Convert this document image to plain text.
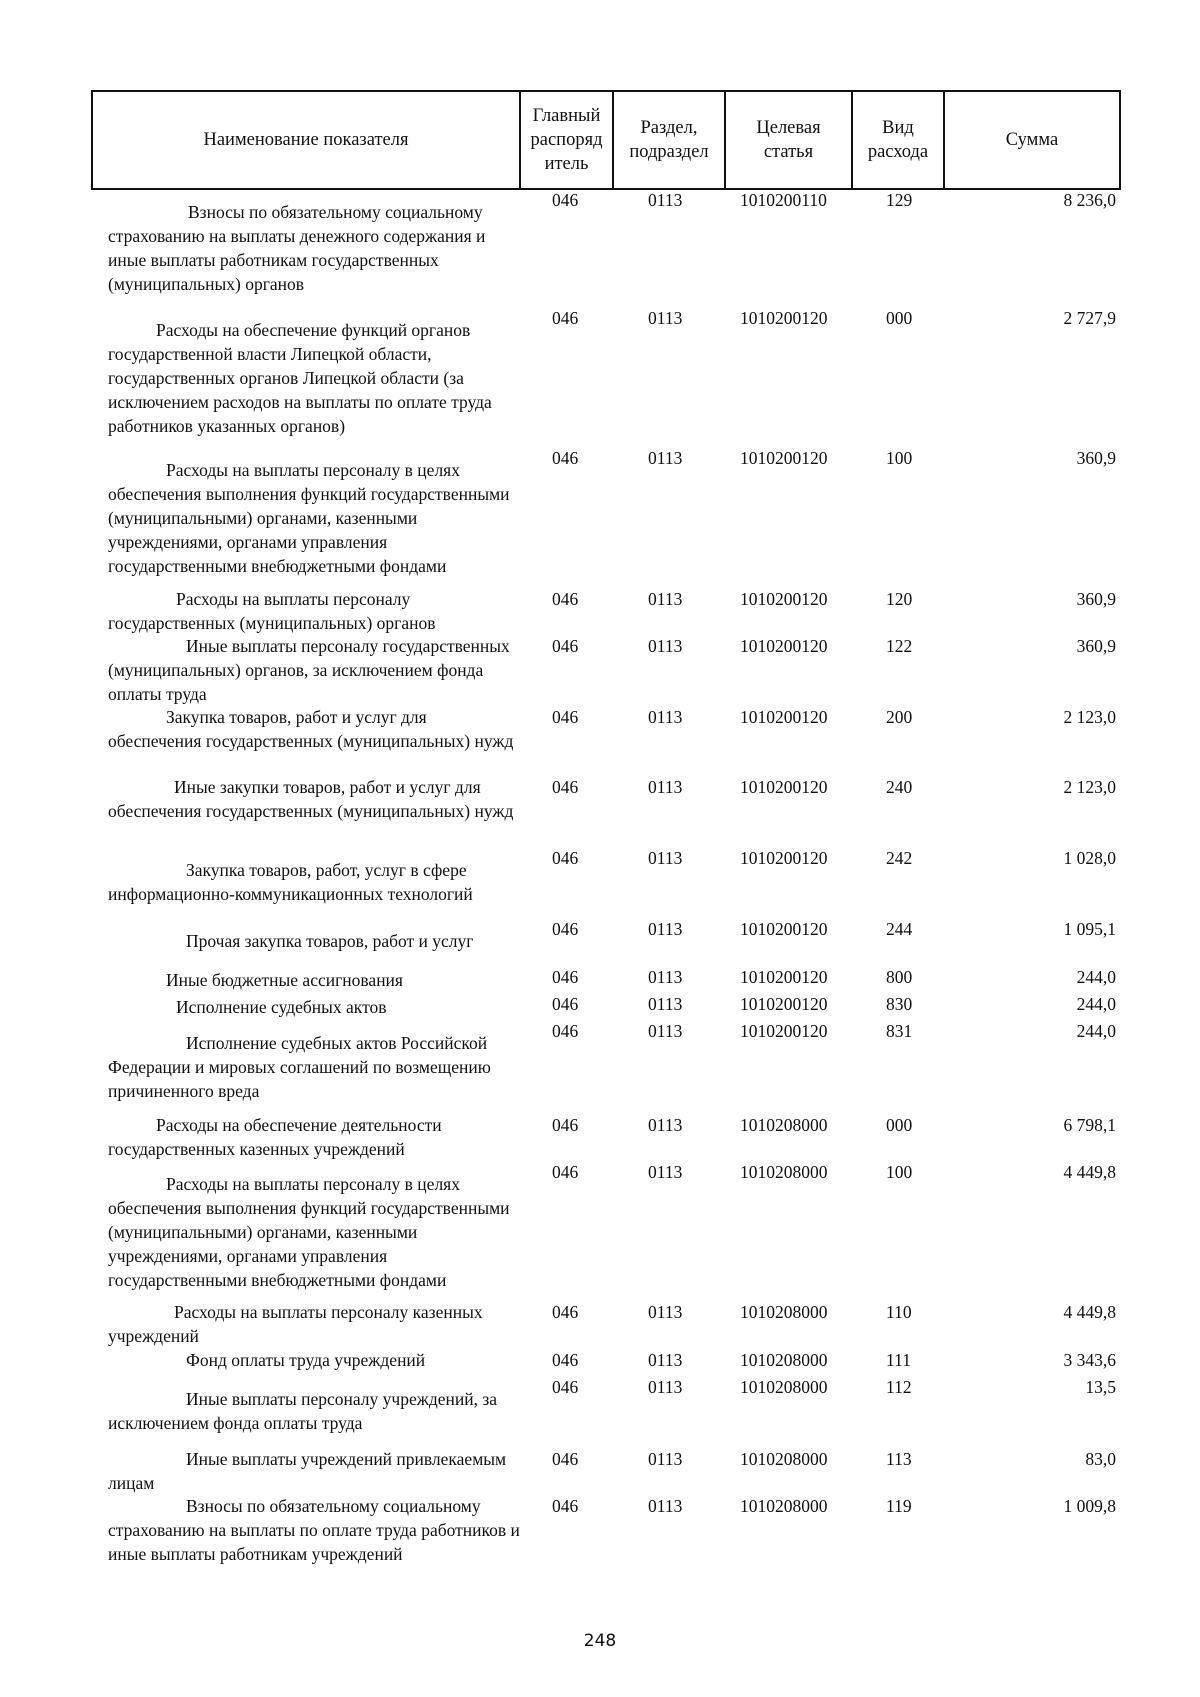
Наименование показателя	
Главный
распоряд
итель

Раздел,
подраздел

Целевая
статья

Вид
расхода
	Сумма

Взносы по обязательному социальному страхованию на выплаты денежного содержания и иные выплаты работникам государственных (муниципальных) органов

046	0113	1010200110	129	8 236,0

Расходы на обеспечение функций органов государственной власти Липецкой области, государственных органов Липецкой области (за исключением расходов на выплаты по оплате труда работников указанных органов)

046	0113	1010200120	000	2 727,9

Расходы на выплаты персоналу в целях обеспечения выполнения функций государственными (муниципальными) органами, казенными учреждениями, органами управления государственными внебюджетными фондами

046	0113	1010200120	100	360,9

Расходы на выплаты персоналу государственных (муниципальных) органов

046	0113	1010200120	120	360,9

Иные выплаты персоналу государственных (муниципальных) органов, за исключением фонда оплаты труда

046	0113	1010200120	122	360,9

Закупка товаров, работ и услуг для обеспечения государственных (муниципальных) нужд

046	0113	1010200120	200	2 123,0

Иные закупки товаров, работ и услуг для обеспечения государственных (муниципальных) нужд

046	0113	1010200120	240	2 123,0

Закупка товаров, работ, услуг в сфере информационно-коммуникационных технологий

046	0113	1010200120	242	1 028,0

Прочая закупка товаров, работ и услуг

046	0113	1010200120	244	1 095,1

Иные бюджетные ассигнования	046	0113	1010200120	800	244,0

Исполнение судебных актов	046	0113	1010200120	830	244,0

Исполнение судебных актов Российской Федерации и мировых соглашений по возмещению причиненного вреда

046	0113	1010200120	831	244,0

Расходы на обеспечение деятельности государственных казенных учреждений

046	0113	1010208000	000	6 798,1

Расходы на выплаты персоналу в целях обеспечения выполнения функций государственными (муниципальными) органами, казенными учреждениями, органами управления государственными внебюджетными фондами

046	0113	1010208000	100	4 449,8

Расходы на выплаты персоналу казенных учреждений

046	0113	1010208000	110	4 449,8

Фонд оплаты труда учреждений	046	0113	1010208000	111	3 343,6

Иные выплаты персоналу учреждений, за исключением фонда оплаты труда

046	0113	1010208000	112	13,5

Иные выплаты учреждений привлекаемым лицам

046	0113	1010208000	113	83,0

Взносы по обязательному социальному страхованию на выплаты по оплате труда работников и иные выплаты работникам учреждений

046	0113	1010208000	119	1 009,8
248
